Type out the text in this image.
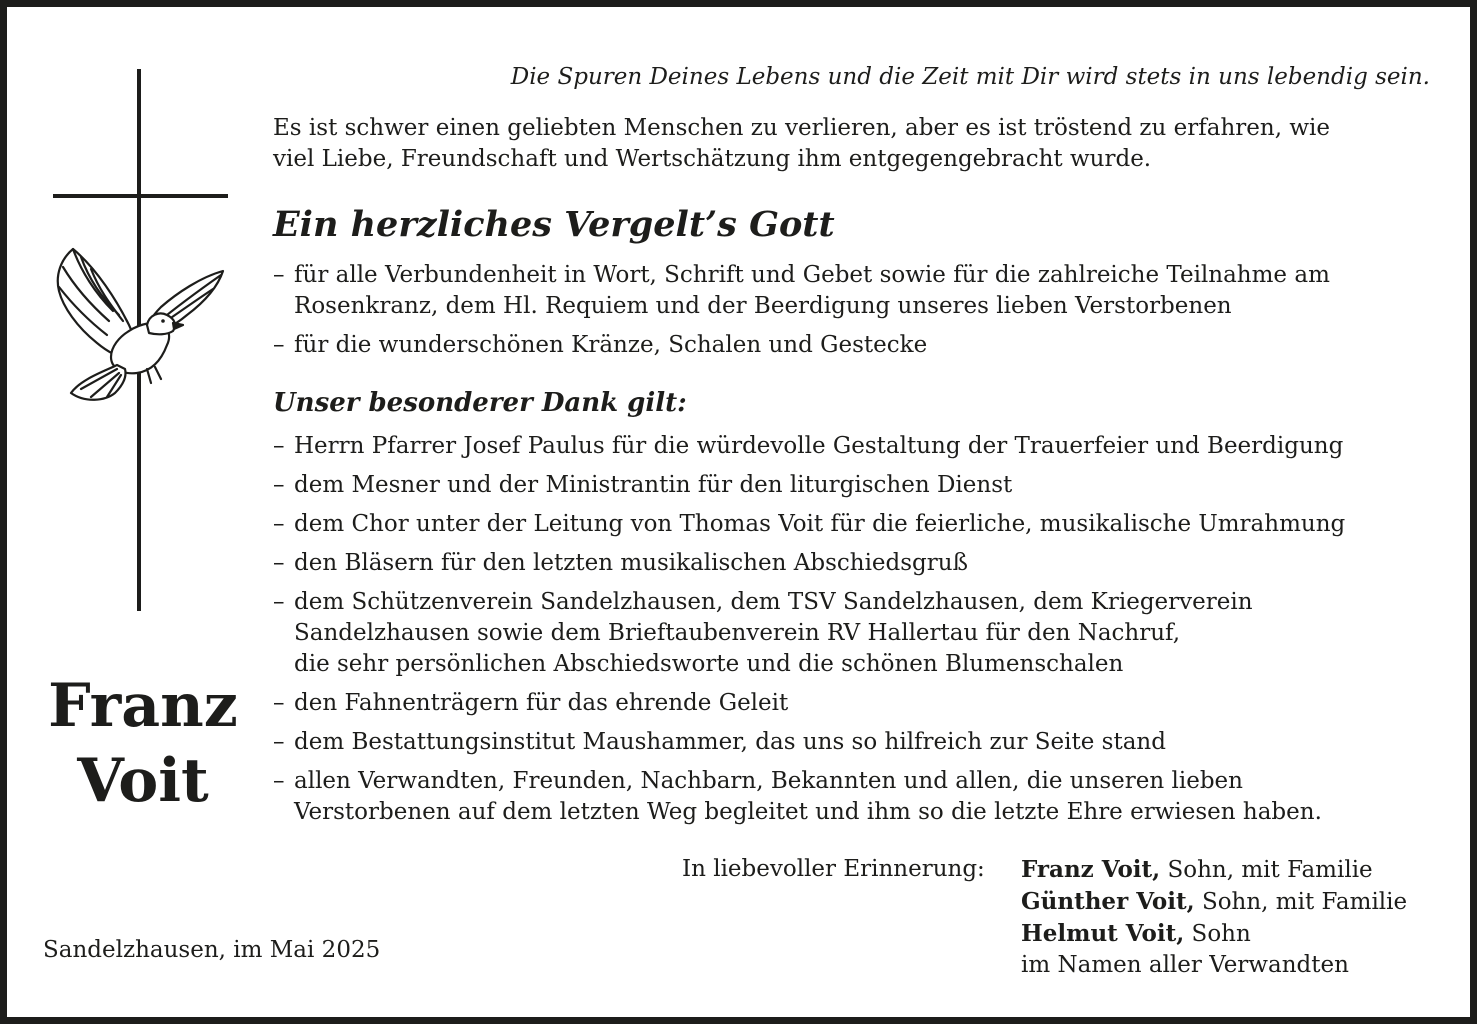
Franz
Voit
Sandelzhausen, im Mai 2025
Die Spuren Deines Lebens und die Zeit mit Dir wird stets in uns lebendig sein.
Es ist schwer einen geliebten Menschen zu verlieren, aber es ist tröstend zu erfahren, wie
viel Liebe, Freundschaft und Wertschätzung ihm entgegengebracht wurde.
Ein herzliches Vergelt’s Gott
– für alle Verbundenheit in Wort, Schrift und Gebet sowie für die zahlreiche Teilnahme am
Rosenkranz, dem Hl. Requiem und der Beerdigung unseres lieben Verstorbenen
– für die wunderschönen Kränze, Schalen und Gestecke
Unser besonderer Dank gilt:
– Herrn Pfarrer Josef Paulus für die würdevolle Gestaltung der Trauerfeier und Beerdigung
– dem Mesner und der Ministrantin für den liturgischen Dienst
– dem Chor unter der Leitung von Thomas Voit für die feierliche, musikalische Umrahmung
– den Bläsern für den letzten musikalischen Abschiedsgruß
– dem Schützenverein Sandelzhausen, dem TSV Sandelzhausen, dem Kriegerverein
Sandelzhausen sowie dem Brieftaubenverein RV Hallertau für den Nachruf,
die sehr persönlichen Abschiedsworte und die schönen Blumenschalen
– den Fahnenträgern für das ehrende Geleit
– dem Bestattungsinstitut Maushammer, das uns so hilfreich zur Seite stand
– allen Verwandten, Freunden, Nachbarn, Bekannten und allen, die unseren lieben
Verstorbenen auf dem letzten Weg begleitet und ihm so die letzte Ehre erwiesen haben.
In liebevoller Erinnerung: Franz Voit, Sohn, mit Familie
Günther Voit, Sohn, mit Familie
Helmut Voit, Sohn
im Namen aller Verwandten
